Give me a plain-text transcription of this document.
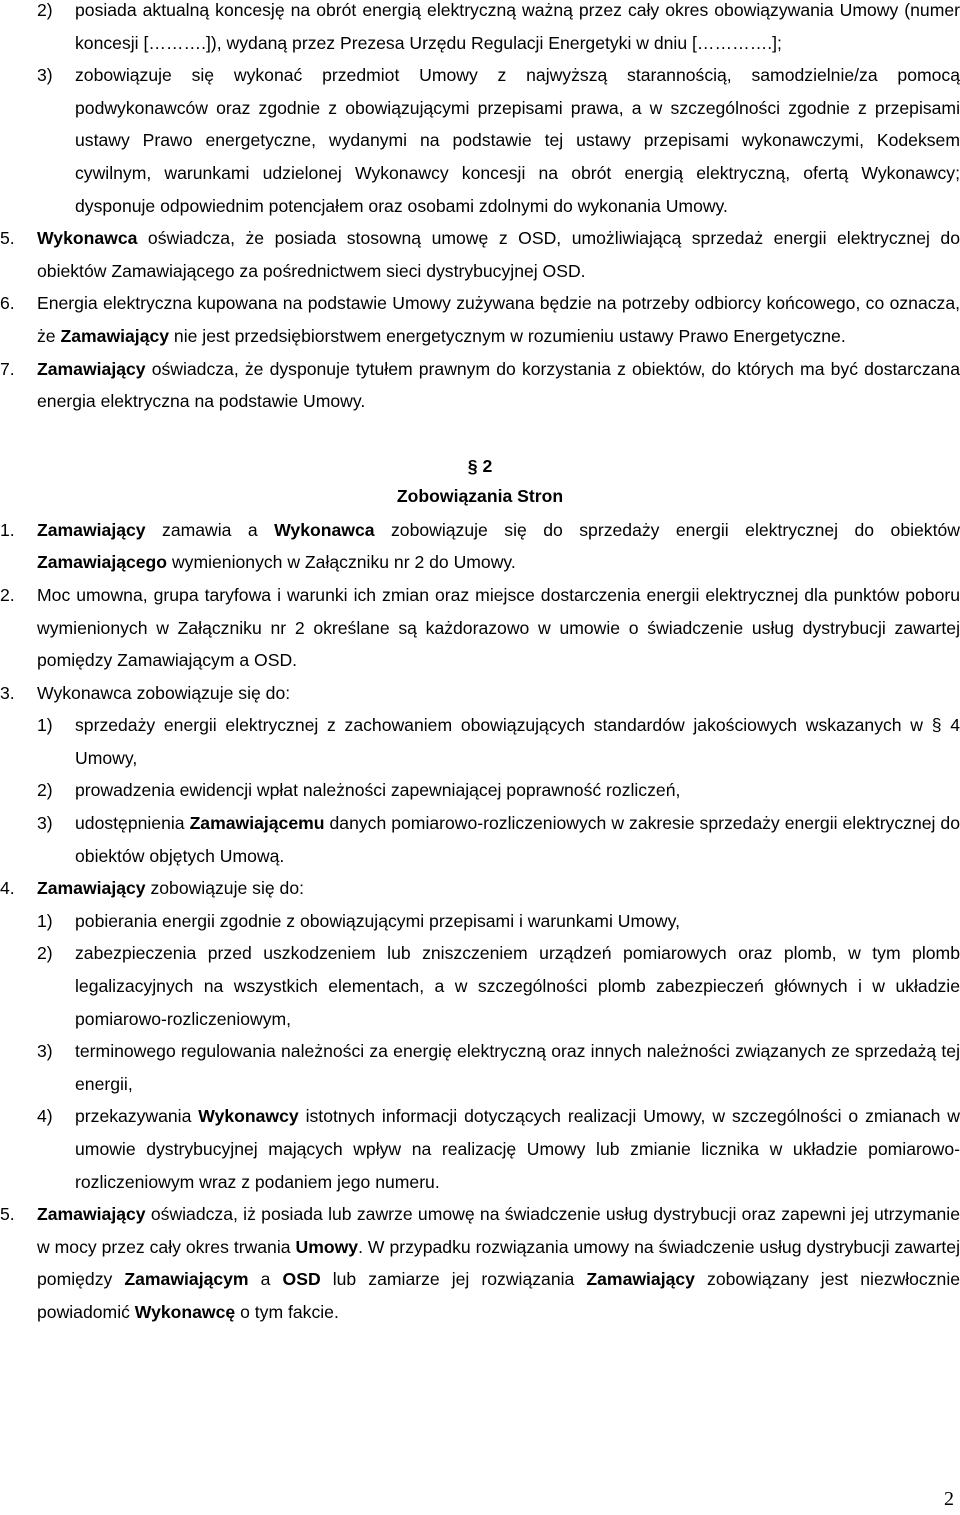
2) posiada aktualną koncesję na obrót energią elektryczną ważną przez cały okres obowiązywania Umowy (numer koncesji [……….]), wydaną przez Prezesa Urzędu Regulacji Energetyki w dniu [………….];
3) zobowiązuje się wykonać przedmiot Umowy z najwyższą starannością, samodzielnie/za pomocą podwykonawców oraz zgodnie z obowiązującymi przepisami prawa, a w szczególności zgodnie z przepisami ustawy Prawo energetyczne, wydanymi na podstawie tej ustawy przepisami wykonawczymi, Kodeksem cywilnym, warunkami udzielonej Wykonawcy koncesji na obrót energią elektryczną, ofertą Wykonawcy; dysponuje odpowiednim potencjałem oraz osobami zdolnymi do wykonania Umowy.
5. Wykonawca oświadcza, że posiada stosowną umowę z OSD, umożliwiającą sprzedaż energii elektrycznej do obiektów Zamawiającego za pośrednictwem sieci dystrybucyjnej OSD.
6. Energia elektryczna kupowana na podstawie Umowy zużywana będzie na potrzeby odbiorcy końcowego, co oznacza, że Zamawiający nie jest przedsiębiorstwem energetycznym w rozumieniu ustawy Prawo Energetyczne.
7. Zamawiający oświadcza, że dysponuje tytułem prawnym do korzystania z obiektów, do których ma być dostarczana energia elektryczna na podstawie Umowy.
§ 2
Zobowiązania Stron
1. Zamawiający zamawia a Wykonawca zobowiązuje się do sprzedaży energii elektrycznej do obiektów Zamawiającego wymienionych w Załączniku nr 2 do Umowy.
2. Moc umowna, grupa taryfowa i warunki ich zmian oraz miejsce dostarczenia energii elektrycznej dla punktów poboru wymienionych w Załączniku nr 2 określane są każdorazowo w umowie o świadczenie usług dystrybucji zawartej pomiędzy Zamawiającym a OSD.
3. Wykonawca zobowiązuje się do:
1) sprzedaży energii elektrycznej z zachowaniem obowiązujących standardów jakościowych wskazanych w § 4 Umowy,
2) prowadzenia ewidencji wpłat należności zapewniającej poprawność rozliczeń,
3) udostępnienia Zamawiającemu danych pomiarowo-rozliczeniowych w zakresie sprzedaży energii elektrycznej do obiektów objętych Umową.
4. Zamawiający zobowiązuje się do:
1) pobierania energii zgodnie z obowiązującymi przepisami i warunkami Umowy,
2) zabezpieczenia przed uszkodzeniem lub zniszczeniem urządzeń pomiarowych oraz plomb, w tym plomb legalizacyjnych na wszystkich elementach, a w szczególności plomb zabezpieczeń głównych i w układzie pomiarowo-rozliczeniowym,
3) terminowego regulowania należności za energię elektryczną oraz innych należności związanych ze sprzedażą tej energii,
4) przekazywania Wykonawcy istotnych informacji dotyczących realizacji Umowy, w szczególności o zmianach w umowie dystrybucyjnej mających wpływ na realizację Umowy lub zmianie licznika w układzie pomiarowo-rozliczeniowym wraz z podaniem jego numeru.
5. Zamawiający oświadcza, iż posiada lub zawrze umowę na świadczenie usług dystrybucji oraz zapewni jej utrzymanie w mocy przez cały okres trwania Umowy. W przypadku rozwiązania umowy na świadczenie usług dystrybucji zawartej pomiędzy Zamawiającym a OSD lub zamiarze jej rozwiązania Zamawiający zobowiązany jest niezwłocznie powiadomić Wykonawcę o tym fakcie.
2
